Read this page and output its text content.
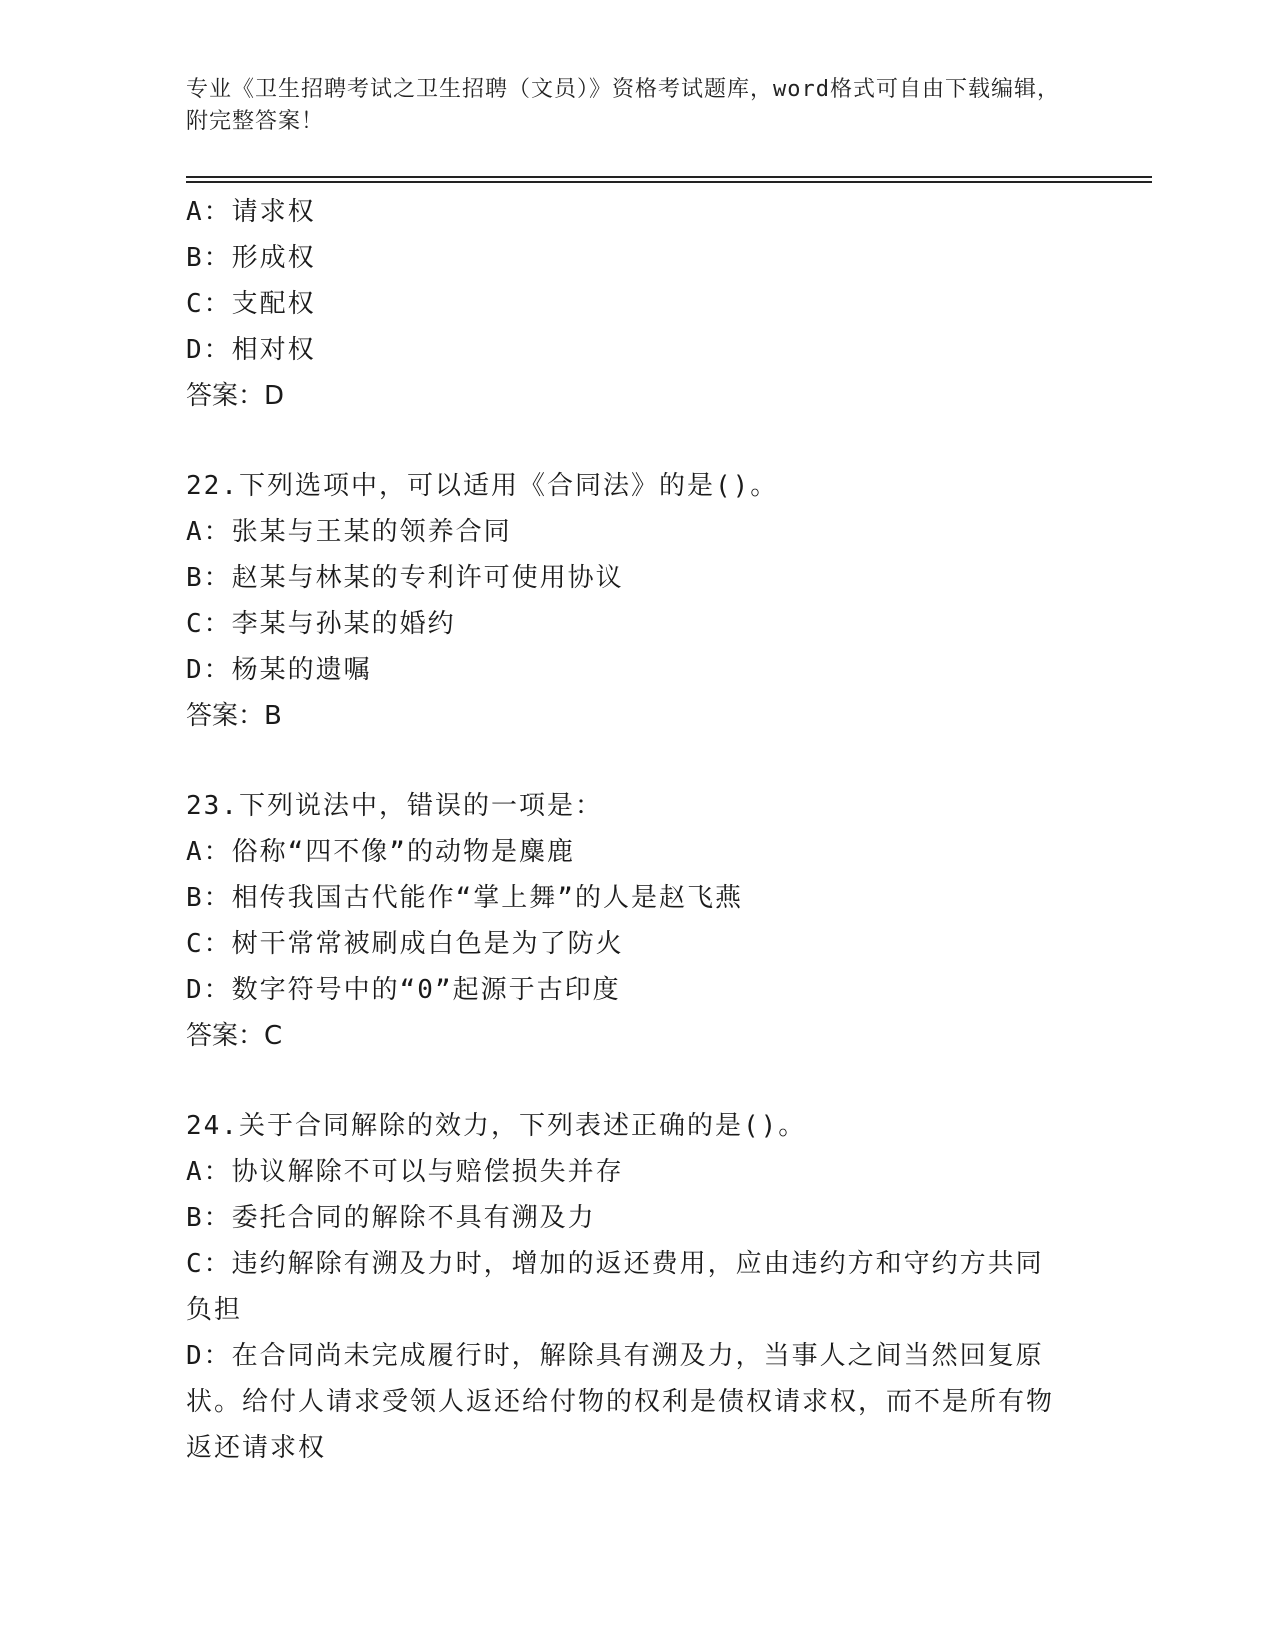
专业《卫生招聘考试之卫生招聘（文员）》资格考试题库，word格式可自由下载编辑，附完整答案！
A：请求权
B：形成权
C：支配权
D：相对权
答案：D
22.下列选项中，可以适用《合同法》的是()。
A：张某与王某的领养合同
B：赵某与林某的专利许可使用协议
C：李某与孙某的婚约
D：杨某的遗嘱
答案：B
23.下列说法中，错误的一项是：
A：俗称“四不像”的动物是麋鹿
B：相传我国古代能作“掌上舞”的人是赵飞燕
C：树干常常被刷成白色是为了防火
D：数字符号中的“0”起源于古印度
答案：C
24.关于合同解除的效力，下列表述正确的是()。
A：协议解除不可以与赔偿损失并存
B：委托合同的解除不具有溯及力
C：违约解除有溯及力时，增加的返还费用，应由违约方和守约方共同负担
D：在合同尚未完成履行时，解除具有溯及力，当事人之间当然回复原状。给付人请求受领人返还给付物的权利是债权请求权，而不是所有物返还请求权
